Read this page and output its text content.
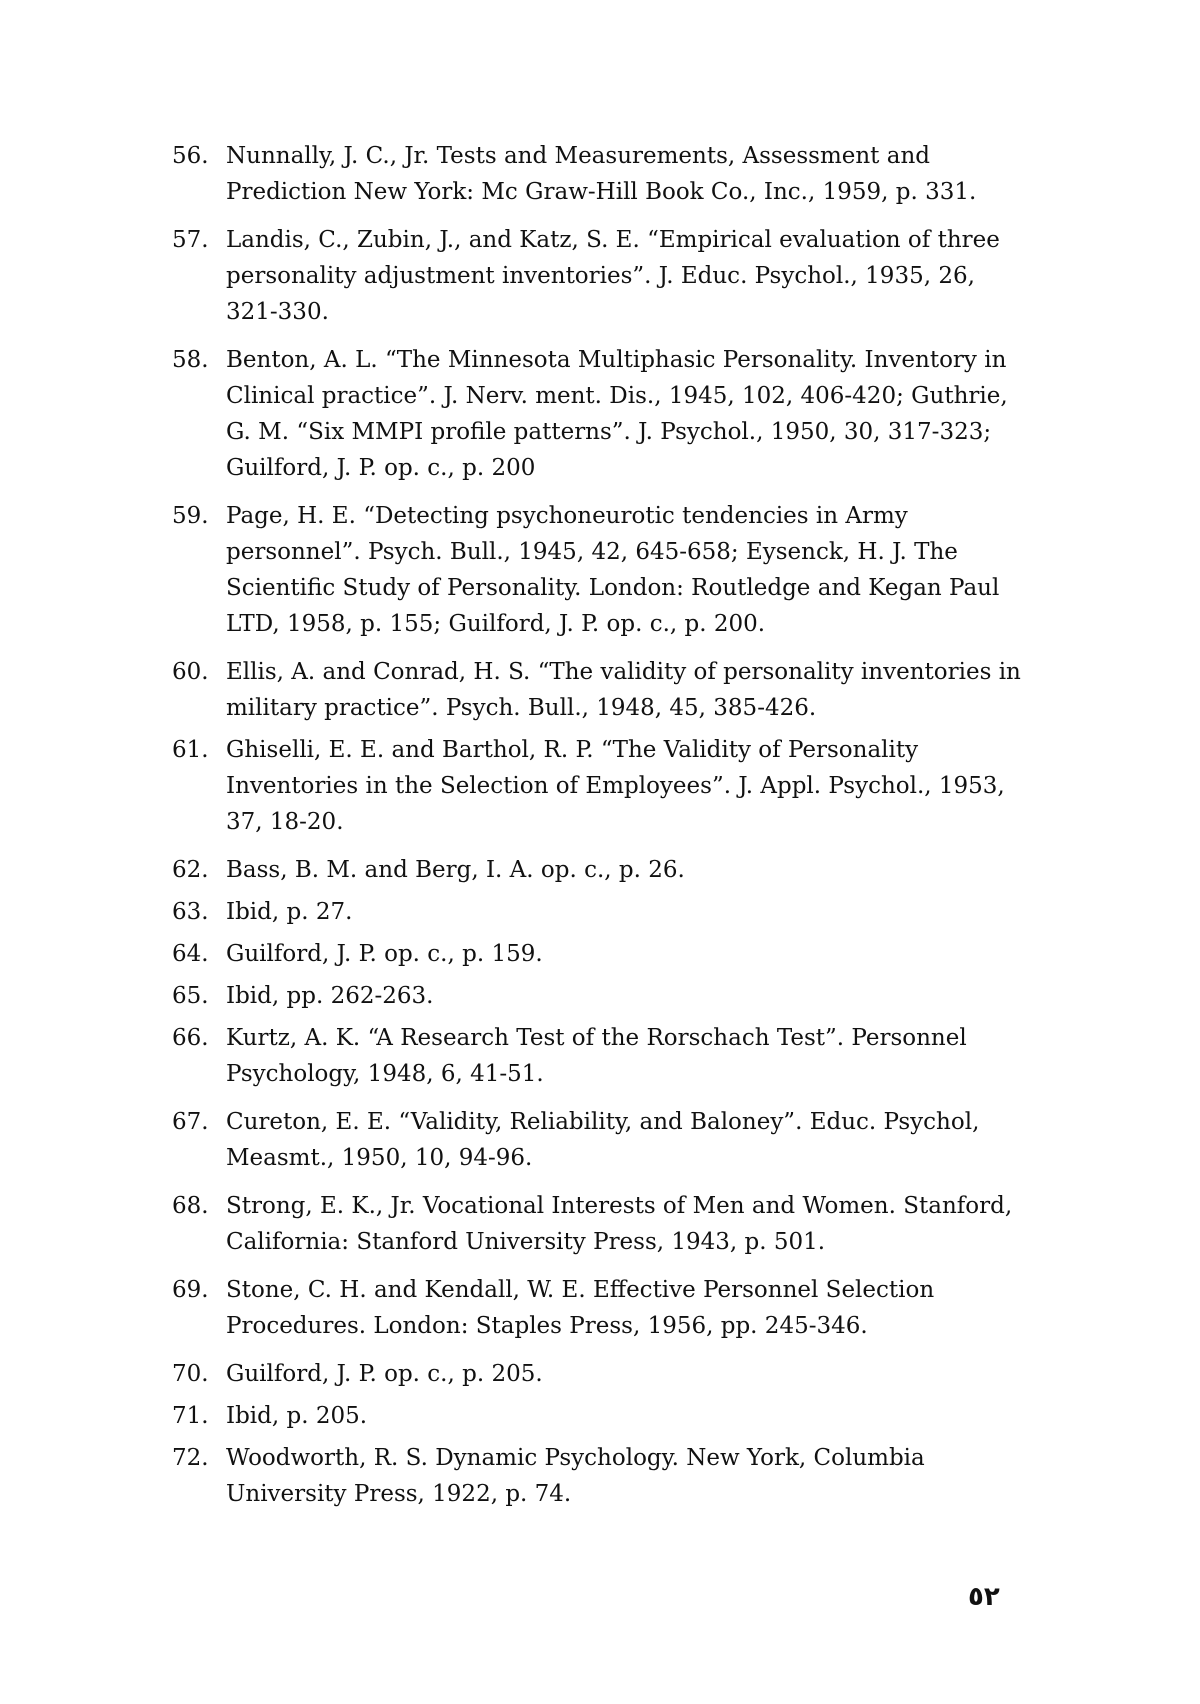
56. Nunnally, J. C., Jr. Tests and Measurements, Assessment and Prediction New York: Mc Graw-Hill Book Co., Inc., 1959, p. 331.
57. Landis, C., Zubin, J., and Katz, S. E. “Empirical evaluation of three personality adjustment inventories”. J. Educ. Psychol., 1935, 26, 321-330.
58. Benton, A. L. “The Minnesota Multiphasic Personality. Inventory in Clinical practice”. J. Nerv. ment. Dis., 1945, 102, 406-420; Guthrie, G. M. “Six MMPI profile patterns”. J. Psychol., 1950, 30, 317-323; Guilford, J. P. op. c., p. 200
59. Page, H. E. “Detecting psychoneurotic tendencies in Army personnel”. Psych. Bull., 1945, 42, 645-658; Eysenck, H. J. The Scientific Study of Personality. London: Routledge and Kegan Paul LTD, 1958, p. 155; Guilford, J. P. op. c., p. 200.
60. Ellis, A. and Conrad, H. S. “The validity of personality inventories in military practice”. Psych. Bull., 1948, 45, 385-426.
61. Ghiselli, E. E. and Barthol, R. P. “The Validity of Personality Inventories in the Selection of Employees”. J. Appl. Psychol., 1953, 37, 18-20.
62. Bass, B. M. and Berg, I. A. op. c., p. 26.
63. Ibid, p. 27.
64. Guilford, J. P. op. c., p. 159.
65. Ibid, pp. 262-263.
66. Kurtz, A. K. “A Research Test of the Rorschach Test”. Personnel Psychology, 1948, 6, 41-51.
67. Cureton, E. E. “Validity, Reliability, and Baloney”. Educ. Psychol, Measmt., 1950, 10, 94-96.
68. Strong, E. K., Jr. Vocational Interests of Men and Women. Stanford, California: Stanford University Press, 1943, p. 501.
69. Stone, C. H. and Kendall, W. E. Effective Personnel Selection Procedures. London: Staples Press, 1956, pp. 245-346.
70. Guilford, J. P. op. c., p. 205.
71. Ibid, p. 205.
72. Woodworth, R. S. Dynamic Psychology. New York, Columbia University Press, 1922, p. 74.
٥٢
